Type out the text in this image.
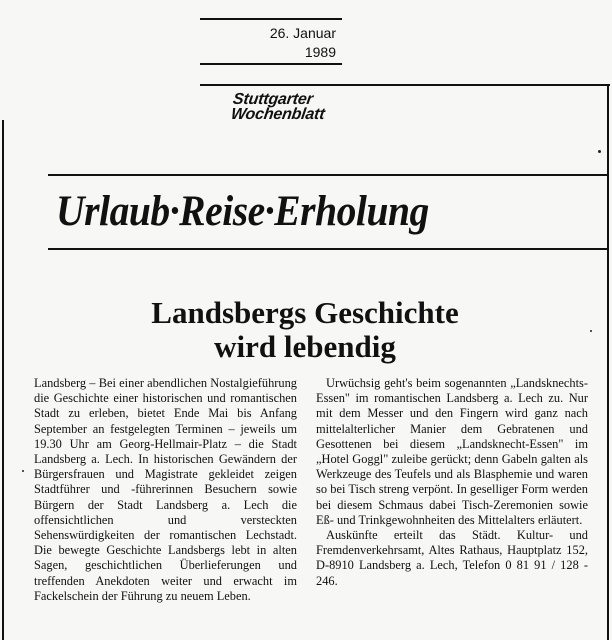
26. Januar
1989
Stuttgarter
Wochenblatt
Urlaub·Reise·Erholung
Landsbergs Geschichte
wird lebendig

Landsberg – Bei einer abendlichen Nostalgieführung die Geschichte einer historischen und romantischen Stadt zu erleben, bietet Ende Mai bis Anfang September an festgelegten Terminen – jeweils um 19.30 Uhr am Georg-Hellmair-Platz – die Stadt Landsberg a. Lech. In historischen Gewändern der Bürgersfrauen und Magistrate gekleidet zeigen Stadtführer und -führerinnen Besuchern sowie Bürgern der Stadt Landsberg a. Lech die offensichtlichen und versteckten Sehenswürdigkeiten der romantischen Lechstadt. Die bewegte Geschichte Landsbergs lebt in alten Sagen, geschichtlichen Überlieferungen und treffenden Anekdoten weiter und erwacht im Fackelschein der Führung zu neuem Leben.

Urwüchsig geht's beim sogenannten „Landsknechts-Essen" im romantischen Landsberg a. Lech zu. Nur mit dem Messer und den Fingern wird ganz nach mittelalterlicher Manier dem Gebratenen und Gesottenen bei diesem „Landsknecht-Essen" im „Hotel Goggl" zuleibe gerückt; denn Gabeln galten als Werkzeuge des Teufels und als Blasphemie und waren so bei Tisch streng verpönt. In geselliger Form werden bei diesem Schmaus dabei Tisch-Zeremonien sowie Eß- und Trinkgewohnheiten des Mittelalters erläutert.

Auskünfte erteilt das Städt. Kultur- und Fremdenverkehrsamt, Altes Rathaus, Hauptplatz 152, D-8910 Landsberg a. Lech, Telefon 0 81 91 / 128 - 246.
